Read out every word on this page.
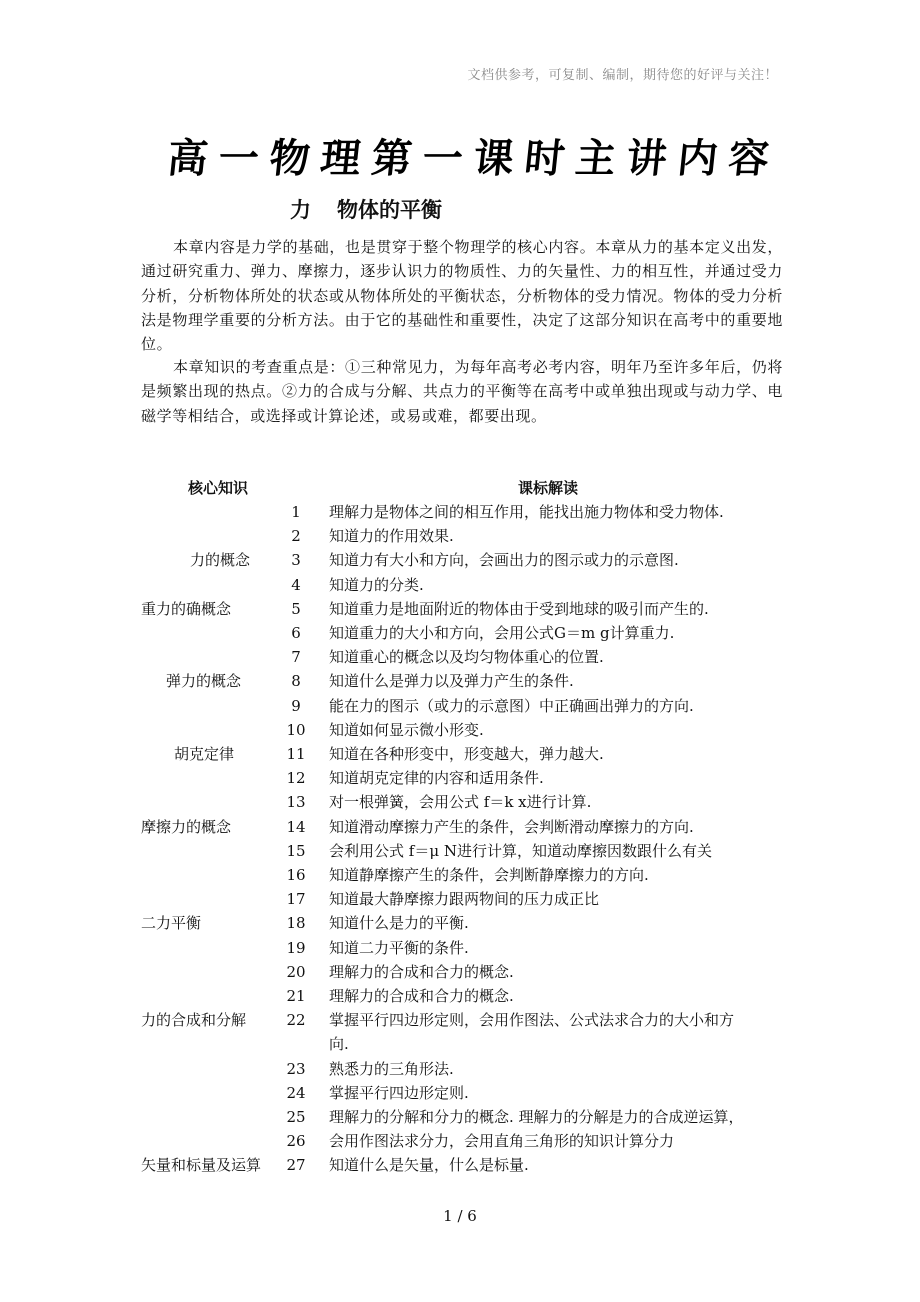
文档供参考，可复制、编制，期待您的好评与关注！
高一物理第一课时主讲内容
力 物体的平衡

本章内容是力学的基础，也是贯穿于整个物理学的核心内容。本章从力的基本定义出发，通过研究重力、弹力、摩擦力，逐步认识力的物质性、力的矢量性、力的相互性，并通过受力分析，分析物体所处的状态或从物体所处的平衡状态，分析物体的受力情况。物体的受力分析法是物理学重要的分析方法。由于它的基础性和重要性，决定了这部分知识在高考中的重要地位。

本章知识的考查重点是：①三种常见力，为每年高考必考内容，明年乃至许多年后，仍将是频繁出现的热点。②力的合成与分解、共点力的平衡等在高考中或单独出现或与动力学、电磁学等相结合，或选择或计算论述，或易或难，都要出现。

核心知识	课标解读
1	理解力是物体之间的相互作用，能找出施力物体和受力物体.
2	知道力的作用效果.
力的概念	3	知道力有大小和方向，会画出力的图示或力的示意图.
4	知道力的分类.
重力的确概念	5	知道重力是地面附近的物体由于受到地球的吸引而产生的.
6	知道重力的大小和方向，会用公式G＝m g计算重力.
7	知道重心的概念以及均匀物体重心的位置.
弹力的概念	8	知道什么是弹力以及弹力产生的条件.
9	能在力的图示（或力的示意图）中正确画出弹力的方向.
10	知道如何显示微小形变.
胡克定律	11	知道在各种形变中，形变越大，弹力越大.
12	知道胡克定律的内容和适用条件.
13	对一根弹簧，会用公式 f＝k x进行计算.
摩擦力的概念	14	知道滑动摩擦力产生的条件，会判断滑动摩擦力的方向.
15	会利用公式 f＝μ N进行计算，知道动摩擦因数跟什么有关
16	知道静摩擦产生的条件，会判断静摩擦力的方向.
17	知道最大静摩擦力跟两物间的压力成正比
二力平衡	18	知道什么是力的平衡.
19	知道二力平衡的条件.
20	理解力的合成和合力的概念.
21	理解力的合成和合力的概念.
力的合成和分解	22	掌握平行四边形定则，会用作图法、公式法求合力的大小和方
向.
23	熟悉力的三角形法.
24	掌握平行四边形定则.
25	理解力的分解和分力的概念. 理解力的分解是力的合成逆运算，
26	会用作图法求分力，会用直角三角形的知识计算分力
矢量和标量及运算	27	知道什么是矢量，什么是标量.
1 / 6
